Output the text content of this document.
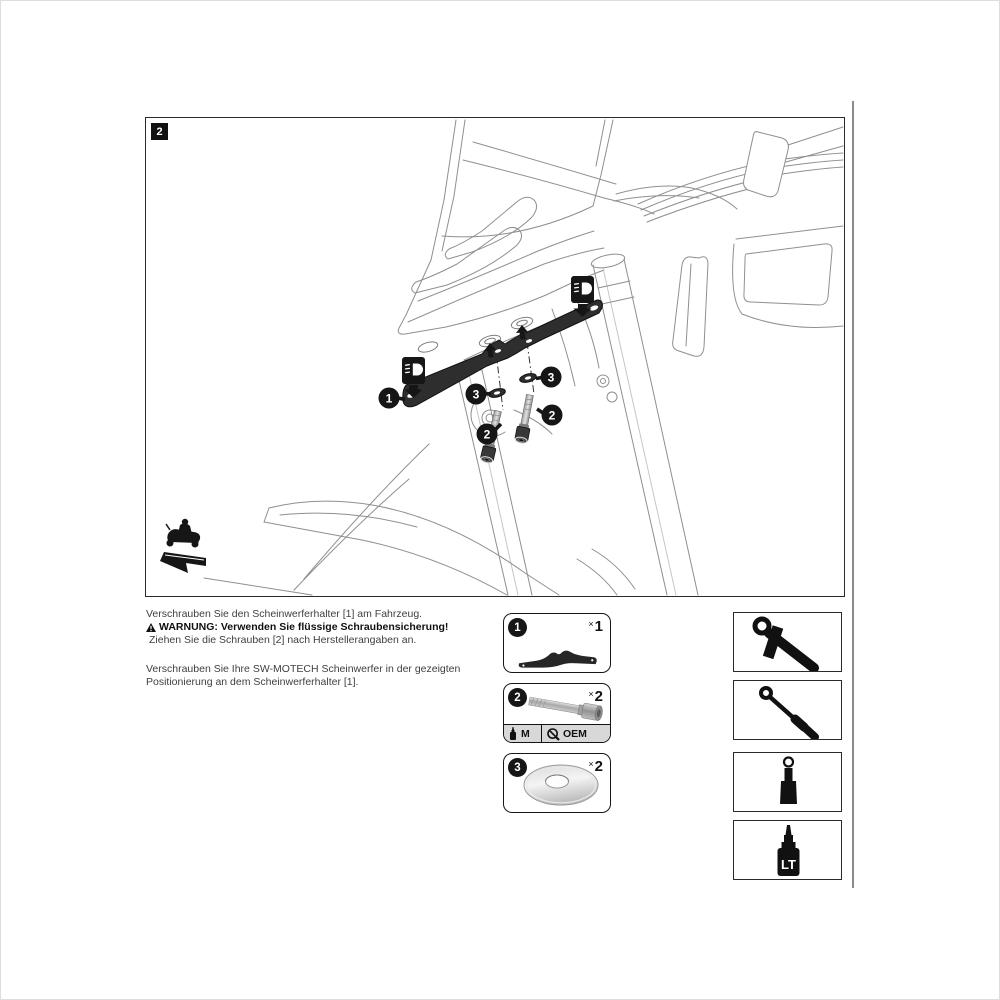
1	3
3
2
2
2
Verschrauben Sie den Scheinwerferhalter [1] am Fahrzeug.
WARNUNG: Verwenden Sie flüssige Schraubensicherung!
Ziehen Sie die Schrauben [2] nach Herstellerangaben an.
Verschrauben Sie Ihre SW-MOTECH Scheinwerfer in der gezeigten
Positionierung an dem Scheinwerferhalter [1].
1	×1
2	×2
M	OEM
3	×2
LT
